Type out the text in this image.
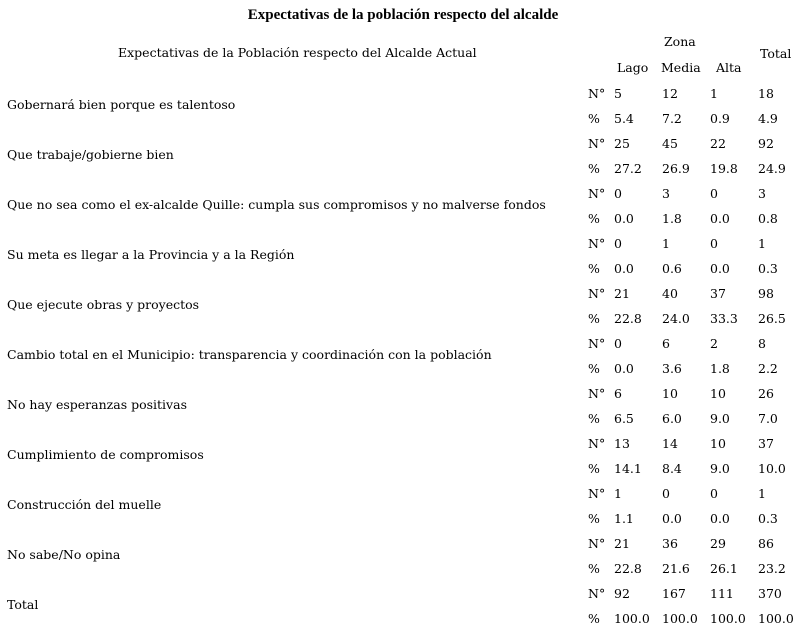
Expectativas de la población respecto del alcalde
Expectativas de la Población respecto del Alcalde Actual
Zona
Total
Lago Media Alta
Gobernará bien porque es talentoso
N° 5	12	1	18
% 5.4 7.2 0.9 4.9
Que trabaje/gobierne bien
N° 25	45	22	92
% 27.2 26.9 19.8 24.9
Que no sea como el ex-alcalde Quille: cumpla sus compromisos y no malverse fondos
N° 0	3	0	3
% 0.0 1.8 0.0 0.8
Su meta es llegar a la Provincia y a la Región
N° 0	1	0	1
% 0.0 0.6 0.0 0.3
Que ejecute obras y proyectos
N° 21	40	37	98
% 22.8 24.0 33.3 26.5
Cambio total en el Municipio: transparencia y coordinación con la población
N° 0	6	2	8
% 0.0 3.6 1.8 2.2
No hay esperanzas positivas
N° 6	10	10	26
% 6.5 6.0 9.0 7.0
Cumplimiento de compromisos
N° 13	14	10	37
% 14.1 8.4 9.0 10.0
Construcción del muelle
N° 1	0	0	1
% 1.1 0.0 0.0 0.3
No sabe/No opina
N° 21	36	29	86
% 22.8 21.6 26.1 23.2
Total
N° 92	167 111 370
% 100.0 100.0 100.0 100.0
